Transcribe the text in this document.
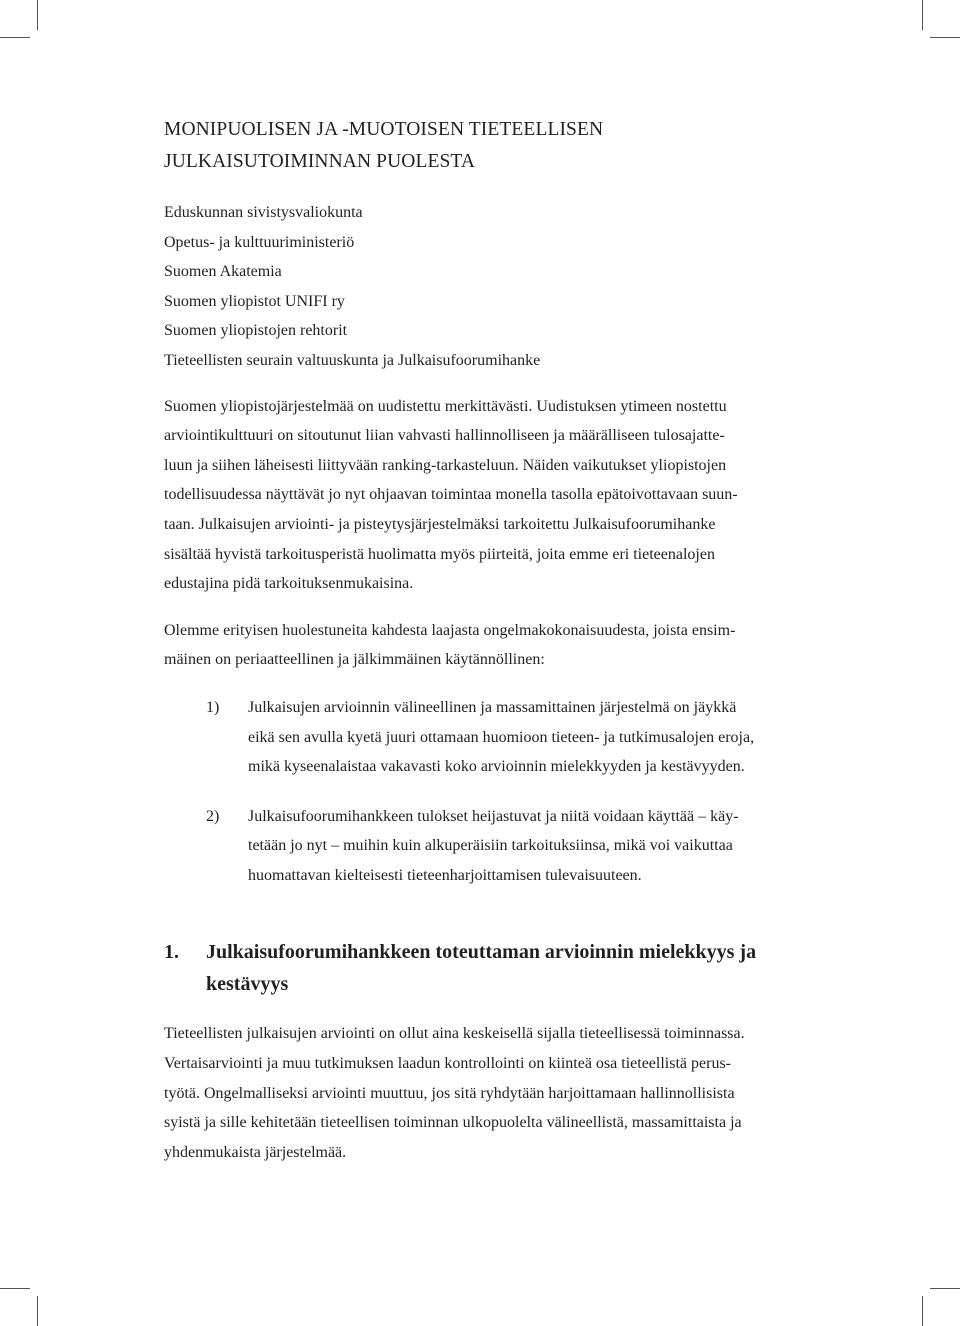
MONIPUOLISEN JA -MUOTOISEN TIETEELLISEN
JULKAISUTOIMINNAN PUOLESTA
Eduskunnan sivistysvaliokunta
Opetus- ja kulttuuriministeriö
Suomen Akatemia
Suomen yliopistot UNIFI ry
Suomen yliopistojen rehtorit
Tieteellisten seurain valtuuskunta ja Julkaisufoorumihanke

Suomen yliopistojärjestelmää on uudistettu merkittävästi. Uudistuksen ytimeen nostettu
arviointikulttuuri on sitoutunut liian vahvasti hallinnolliseen ja määrälliseen tulosajatte-
luun ja siihen läheisesti liittyvään ranking-tarkasteluun. Näiden vaikutukset yliopistojen
todellisuudessa näyttävät jo nyt ohjaavan toimintaa monella tasolla epätoivottavaan suun-
taan. Julkaisujen arviointi- ja pisteytysjärjestelmäksi tarkoitettu Julkaisufoorumihanke
sisältää hyvistä tarkoitusperistä huolimatta myös piirteitä, joita emme eri tieteenalojen
edustajina pidä tarkoituksenmukaisina.

Olemme erityisen huolestuneita kahdesta laajasta ongelmakokonaisuudesta, joista ensim-
mäinen on periaatteellinen ja jälkimmäinen käytännöllinen:

1) Julkaisujen arvioinnin välineellinen ja massamittainen järjestelmä on jäykkä
eikä sen avulla kyetä juuri ottamaan huomioon tieteen- ja tutkimusalojen eroja,
mikä kyseenalaistaa vakavasti koko arvioinnin mielekkyyden ja kestävyyden.
2) Julkaisufoorumihankkeen tulokset heijastuvat ja niitä voidaan käyttää – käy-
tetään jo nyt – muihin kuin alkuperäisiin tarkoituksiinsa, mikä voi vaikuttaa
huomattavan kielteisesti tieteenharjoittamisen tulevaisuuteen.
1. Julkaisufoorumihankkeen toteuttaman arvioinnin mielekkyys ja
kestävyys

Tieteellisten julkaisujen arviointi on ollut aina keskeisellä sijalla tieteellisessä toiminnassa.
Vertaisarviointi ja muu tutkimuksen laadun kontrollointi on kiinteä osa tieteellistä perus-
työtä. Ongelmalliseksi arviointi muuttuu, jos sitä ryhdytään harjoittamaan hallinnollisista
syistä ja sille kehitetään tieteellisen toiminnan ulkopuolelta välineellistä, massamittaista ja
yhdenmukaista järjestelmää.
